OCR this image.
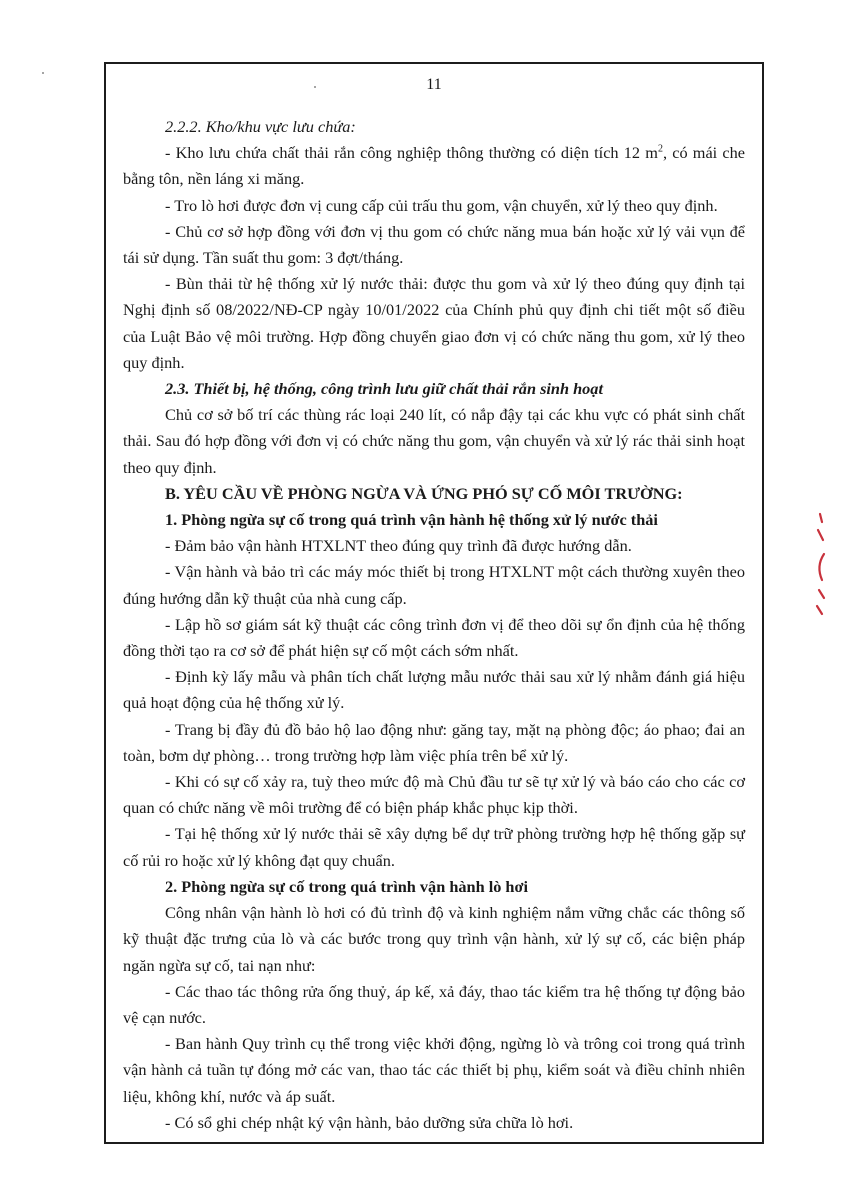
11

2.2.2. Kho/khu vực lưu chứa:

- Kho lưu chứa chất thải rắn công nghiệp thông thường có diện tích 12 $m^2$, có mái che bằng tôn, nền láng xi măng.

- Tro lò hơi được đơn vị cung cấp củi trấu thu gom, vận chuyển, xử lý theo quy định.

- Chủ cơ sở hợp đồng với đơn vị thu gom có chức năng mua bán hoặc xử lý vải vụn để tái sử dụng. Tần suất thu gom: 3 đợt/tháng.

- Bùn thải từ hệ thống xử lý nước thải: được thu gom và xử lý theo đúng quy định tại Nghị định số 08/2022/NĐ-CP ngày 10/01/2022 của Chính phủ quy định chi tiết một số điều của Luật Bảo vệ môi trường. Hợp đồng chuyển giao đơn vị có chức năng thu gom, xử lý theo quy định.

2.3. Thiết bị, hệ thống, công trình lưu giữ chất thải rắn sinh hoạt

Chủ cơ sở bố trí các thùng rác loại 240 lít, có nắp đậy tại các khu vực có phát sinh chất thải. Sau đó hợp đồng với đơn vị có chức năng thu gom, vận chuyển và xử lý rác thải sinh hoạt theo quy định.

B. YÊU CẦU VỀ PHÒNG NGỪA VÀ ỨNG PHÓ SỰ CỐ MÔI TRƯỜNG:

1. Phòng ngừa sự cố trong quá trình vận hành hệ thống xử lý nước thải

- Đảm bảo vận hành HTXLNT theo đúng quy trình đã được hướng dẫn.

- Vận hành và bảo trì các máy móc thiết bị trong HTXLNT một cách thường xuyên theo đúng hướng dẫn kỹ thuật của nhà cung cấp.

- Lập hồ sơ giám sát kỹ thuật các công trình đơn vị để theo dõi sự ổn định của hệ thống đồng thời tạo ra cơ sở để phát hiện sự cố một cách sớm nhất.

- Định kỳ lấy mẫu và phân tích chất lượng mẫu nước thải sau xử lý nhằm đánh giá hiệu quả hoạt động của hệ thống xử lý.

- Trang bị đầy đủ đồ bảo hộ lao động như: găng tay, mặt nạ phòng độc; áo phao; đai an toàn, bơm dự phòng… trong trường hợp làm việc phía trên bể xử lý.

- Khi có sự cố xảy ra, tuỳ theo mức độ mà Chủ đầu tư sẽ tự xử lý và báo cáo cho các cơ quan có chức năng về môi trường để có biện pháp khắc phục kịp thời.

- Tại hệ thống xử lý nước thải sẽ xây dựng bể dự trữ phòng trường hợp hệ thống gặp sự cố rủi ro hoặc xử lý không đạt quy chuẩn.

2. Phòng ngừa sự cố trong quá trình vận hành lò hơi

Công nhân vận hành lò hơi có đủ trình độ và kinh nghiệm nắm vững chắc các thông số kỹ thuật đặc trưng của lò và các bước trong quy trình vận hành, xử lý sự cố, các biện pháp ngăn ngừa sự cố, tai nạn như:

- Các thao tác thông rửa ống thuỷ, áp kế, xả đáy, thao tác kiểm tra hệ thống tự động bảo vệ cạn nước.

- Ban hành Quy trình cụ thể trong việc khởi động, ngừng lò và trông coi trong quá trình vận hành cả tuần tự đóng mở các van, thao tác các thiết bị phụ, kiểm soát và điều chỉnh nhiên liệu, không khí, nước và áp suất.

- Có sổ ghi chép nhật ký vận hành, bảo dưỡng sửa chữa lò hơi.
